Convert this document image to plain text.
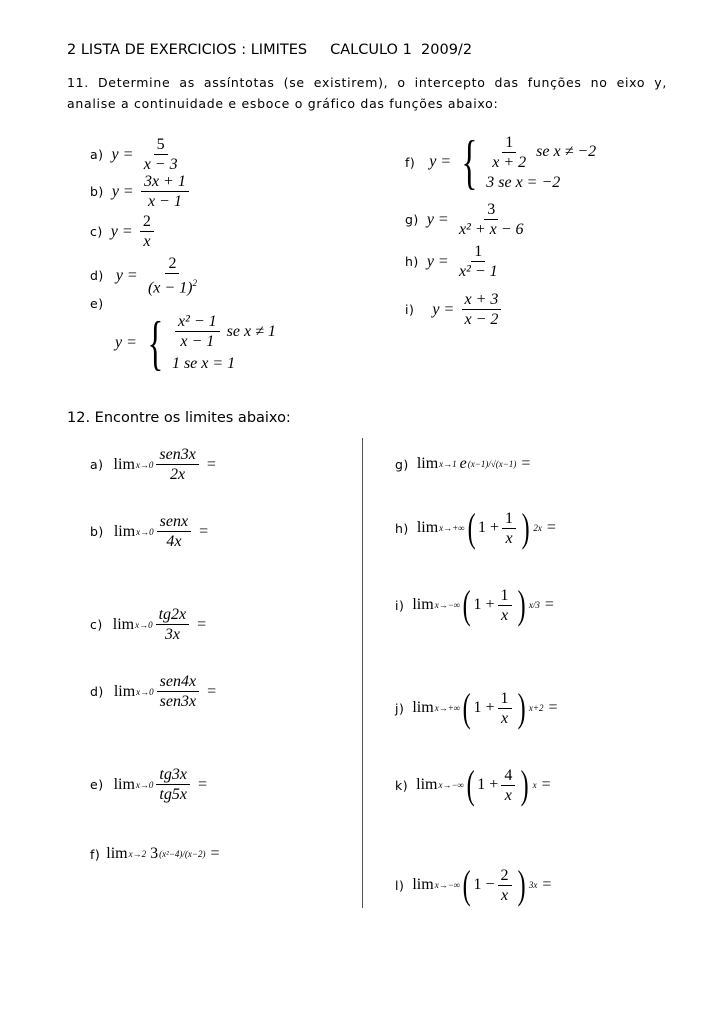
2 LISTA DE EXERCICIOS : LIMITES CALCULO 1  2009/2
11. Determine as assíntotas (se existirem), o intercepto das funções no eixo y, analise a continuidade e esboce o gráfico das funções abaixo:
a) $y = \frac{5}{x - 3}$
b) $y = \frac{3x + 1}{x - 1}$
c) $y = \frac{2}{x}$
d) $y = \frac{2}{(x - 1)^2}$
e)
y = { $\frac{\text{x² − 1}}{x - 1}$ se x ≠ 1
1 se x = 1
f) y = { $\frac{1}{x + 2}$ se x ≠ −2
3 se x = −2
g) $y = \frac{3}{\text{x² + x − 6}}$
h) $y = \frac{1}{\text{x² − 1}}$
i) $y = \frac{x + 3}{x - 2}$
12. Encontre os limites abaixo:
a) $\lim x\to 0 \frac{\text{sen3x}}{2x}$ =
b) $\lim x\to 0 \frac{\text{senx}}{4x}$ =
c) $\lim x\to 0 \frac{tg2x}{3x}$ =
d) $\lim x\to 0 \frac{\text{sen4x}}{\text{sen3x}}$ =
e) $\lim x\to 0 \frac{tg3x}{tg5x}$ =
f) lim x→2 3 (x²−4)/(x−2) =
g) lim x→1 e (x−1)/√(x−1) =
h) lim x→+∞ ( $1 + \frac{1}{x}$ ) 2x =
i) lim x→−∞ ( $1 + \frac{1}{x}$ ) x/3 =
j) lim x→+∞ ( $1 + \frac{1}{x}$ ) x+2 =
k) lim x→−∞ ( $1 + \frac{4}{x}$ ) x =
l) lim x→−∞ ( $1 - \frac{2}{x}$ ) 3x =
